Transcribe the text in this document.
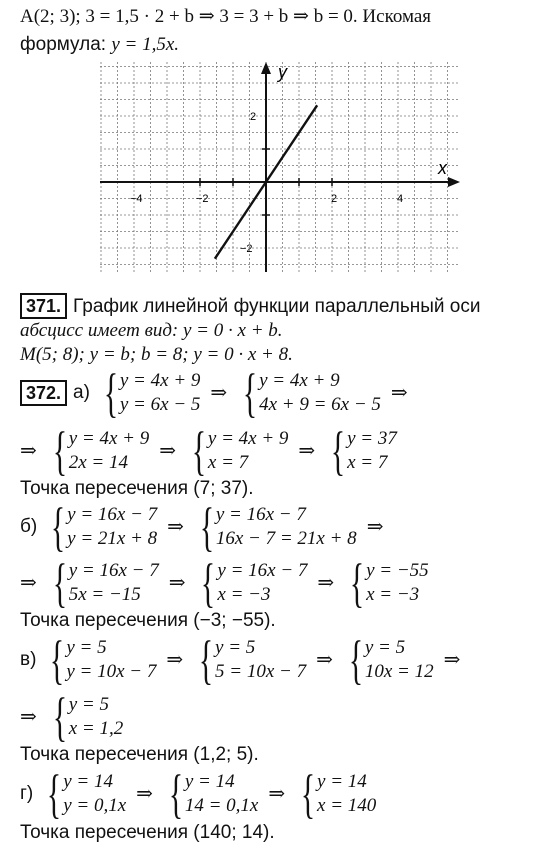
A(2; 3); 3 = 1,5 · 2 + b ⇒ 3 = 3 + b ⇒ b = 0. Искомая
формула: y = 1,5x.
x
y
−4	−2	2	4
2
−2
371. График линейной функции параллельный оси
абсцисс имеет вид: y = 0 · x + b.
M(5; 8); y = b; b = 8; y = 0 · x + 8.
372. а) { y = 4x + 9
y = 6x − 5
⇒ { y = 4x + 9
4x + 9 = 6x − 5
⇒
⇒ { y = 4x + 9
2x = 14
⇒ { y = 4x + 9
x = 7
⇒ { y = 37
x = 7
Точка пересечения (7; 37).
б) { y = 16x − 7
y = 21x + 8
⇒ { y = 16x − 7
16x − 7 = 21x + 8
⇒
⇒ { y = 16x − 7
5x = −15
⇒ { y = 16x − 7
x = −3
⇒ { y = −55
x = −3
Точка пересечения (−3; −55).
в) { y = 5
y = 10x − 7
⇒ { y = 5
5 = 10x − 7
⇒ { y = 5
10x = 12
⇒
⇒ { y = 5
x = 1,2
Точка пересечения (1,2; 5).
г) { y = 14
y = 0,1x
⇒ { y = 14
14 = 0,1x
⇒ { y = 14
x = 140
Точка пересечения (140; 14).
